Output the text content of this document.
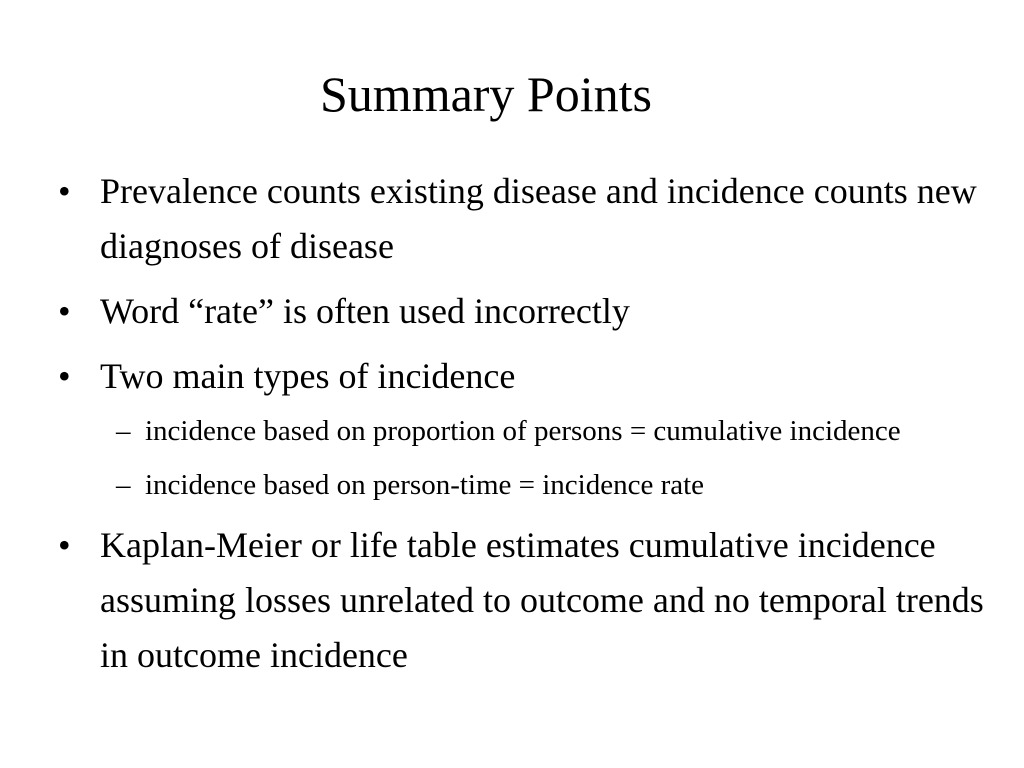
Summary Points
• Prevalence counts existing disease and incidence counts new diagnoses of disease
• Word “rate” is often used incorrectly
• Two main types of incidence
– incidence based on proportion of persons = cumulative incidence
– incidence based on person-time = incidence rate
• Kaplan-Meier or life table estimates cumulative incidence assuming losses unrelated to outcome and no temporal trends in outcome incidence
